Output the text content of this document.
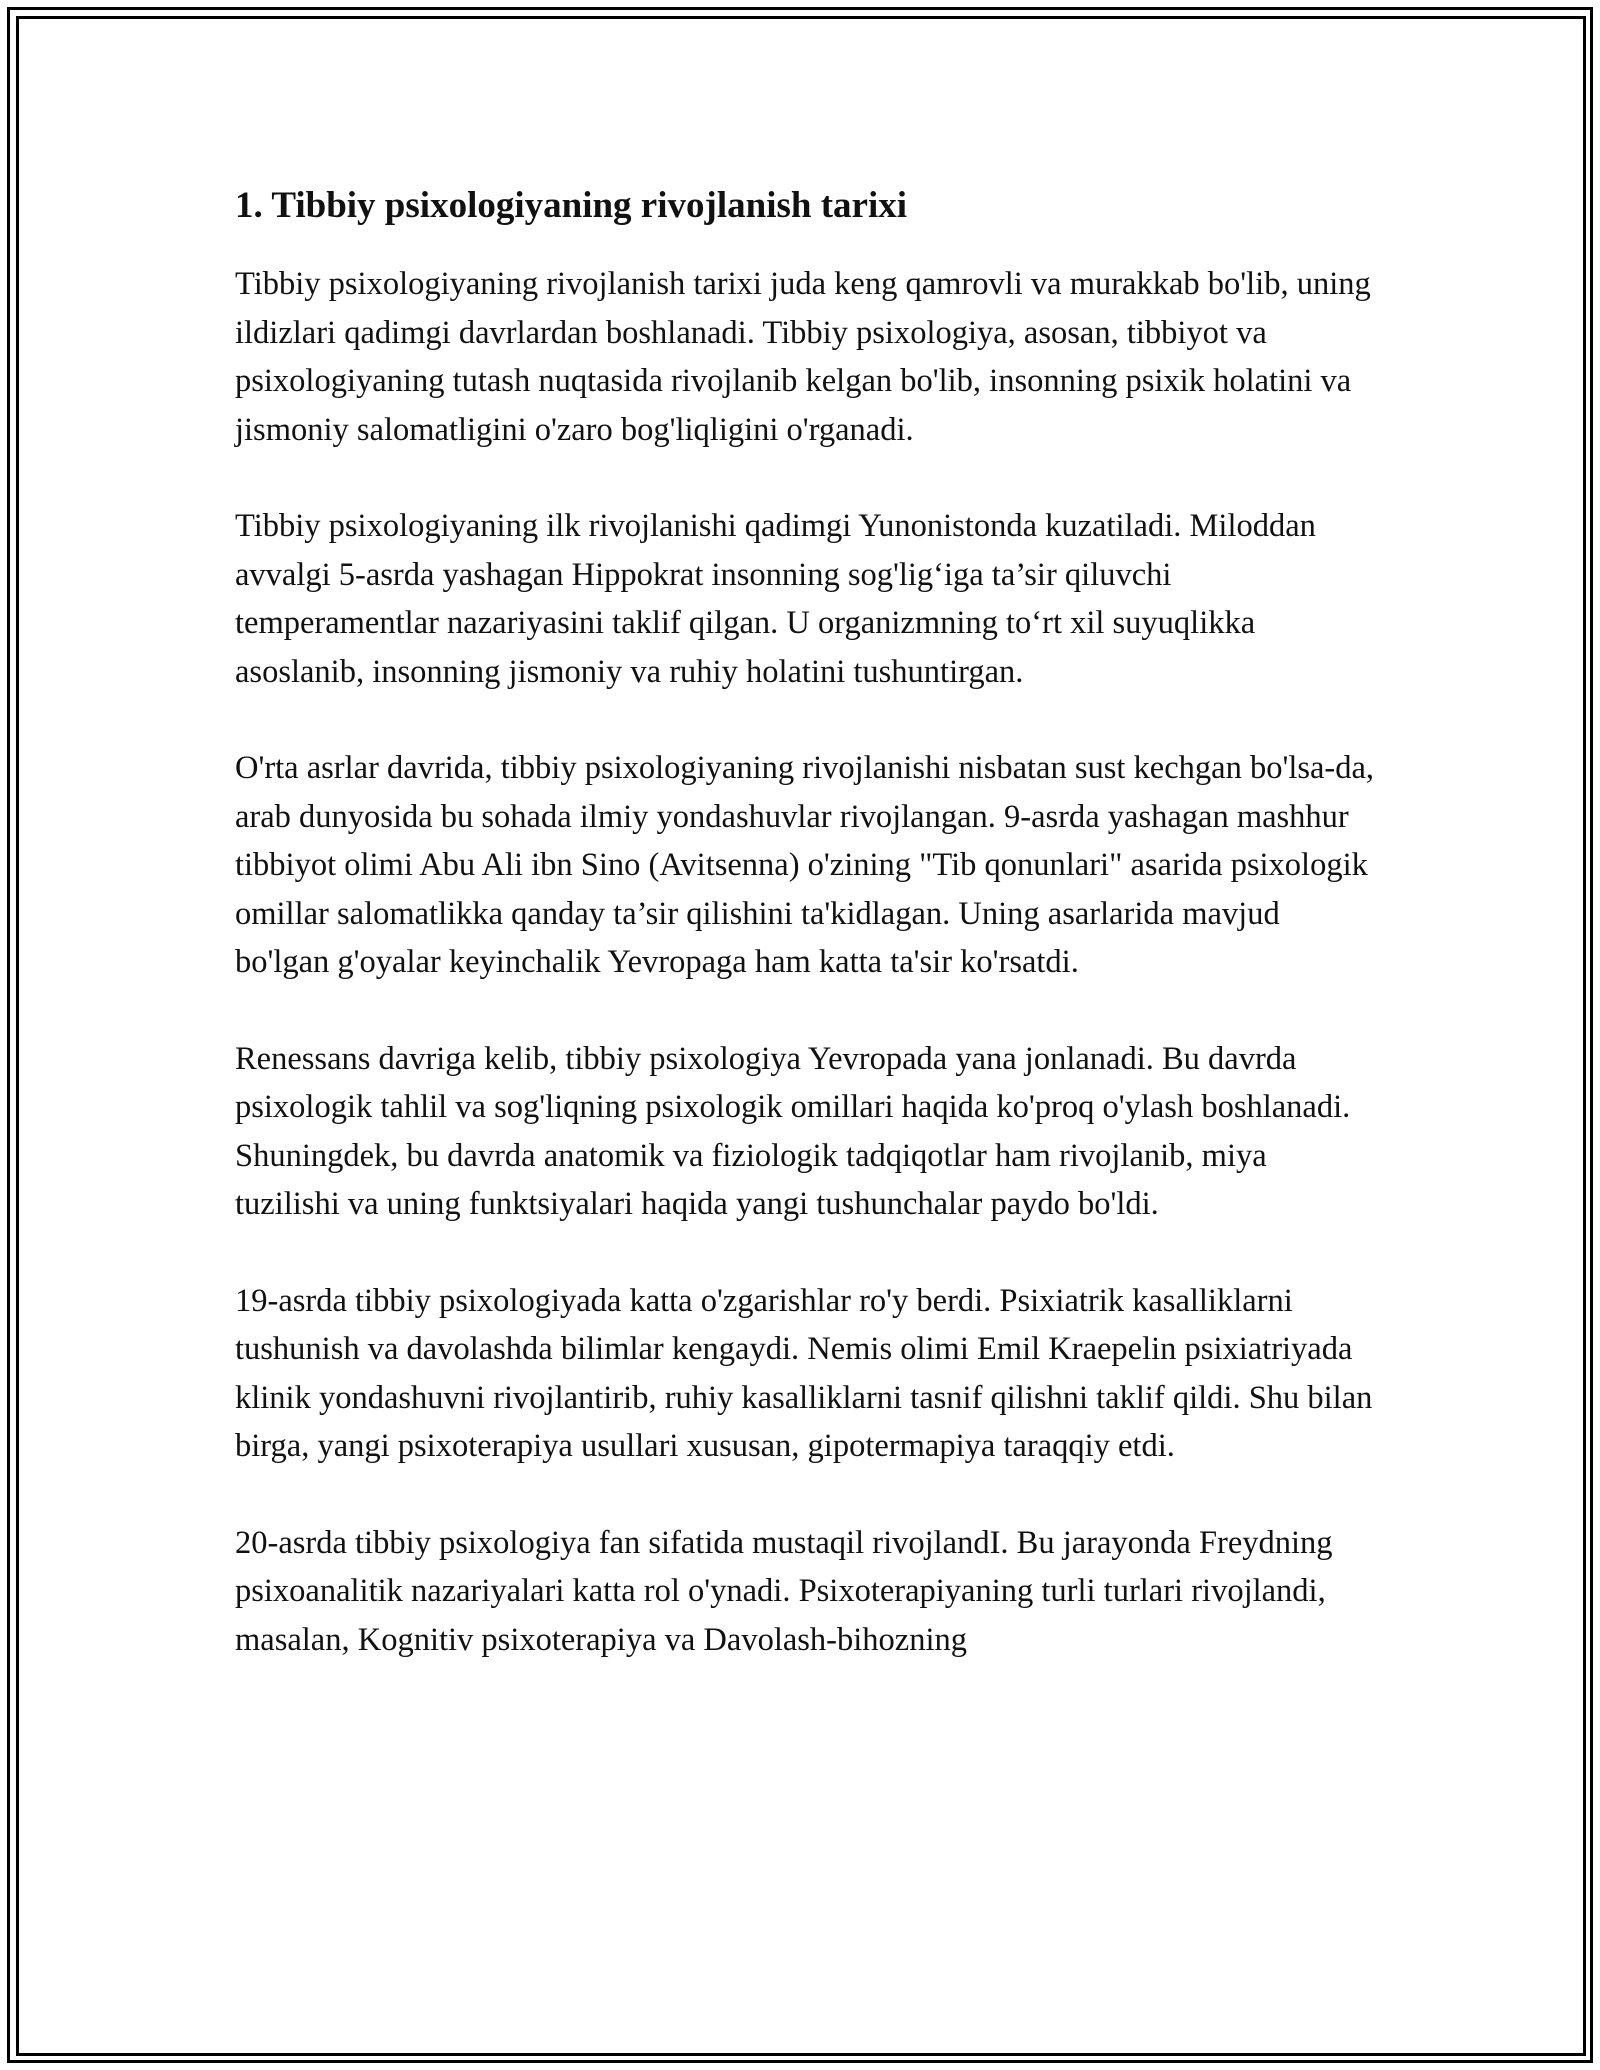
1. Tibbiy psixologiyaning rivojlanish tarixi

Tibbiy psixologiyaning rivojlanish tarixi juda keng qamrovli va murakkab bo'lib, uning ildizlari qadimgi davrlardan boshlanadi. Tibbiy psixologiya, asosan, tibbiyot va psixologiyaning tutash nuqtasida rivojlanib kelgan bo'lib, insonning psixik holatini va jismoniy salomatligini o'zaro bog'liqligini o'rganadi.

Tibbiy psixologiyaning ilk rivojlanishi qadimgi Yunonistonda kuzatiladi. Miloddan avvalgi 5-asrda yashagan Hippokrat insonning sog'lig‘iga ta’sir qiluvchi temperamentlar nazariyasini taklif qilgan. U organizmning to‘rt xil suyuqlikka asoslanib, insonning jismoniy va ruhiy holatini tushuntirgan.

O'rta asrlar davrida, tibbiy psixologiyaning rivojlanishi nisbatan sust kechgan bo'lsa-da, arab dunyosida bu sohada ilmiy yondashuvlar rivojlangan. 9-asrda yashagan mashhur tibbiyot olimi Abu Ali ibn Sino (Avitsenna) o'zining "Tib qonunlari" asarida psixologik omillar salomatlikka qanday ta’sir qilishini ta'kidlagan. Uning asarlarida mavjud bo'lgan g'oyalar keyinchalik Yevropaga ham katta ta'sir ko'rsatdi.

Renessans davriga kelib, tibbiy psixologiya Yevropada yana jonlanadi. Bu davrda psixologik tahlil va sog'liqning psixologik omillari haqida ko'proq o'ylash boshlanadi. Shuningdek, bu davrda anatomik va fiziologik tadqiqotlar ham rivojlanib, miya tuzilishi va uning funktsiyalari haqida yangi tushunchalar paydo bo'ldi.

19-asrda tibbiy psixologiyada katta o'zgarishlar ro'y berdi. Psixiatrik kasalliklarni tushunish va davolashda bilimlar kengaydi. Nemis olimi Emil Kraepelin psixiatriyada klinik yondashuvni rivojlantirib, ruhiy kasalliklarni tasnif qilishni taklif qildi. Shu bilan birga, yangi psixoterapiya usullari xususan, gipotermapiya taraqqiy etdi.

20-asrda tibbiy psixologiya fan sifatida mustaqil rivojlandI. Bu jarayonda Freydning psixoanalitik nazariyalari katta rol o'ynadi. Psixoterapiyaning turli turlari rivojlandi, masalan, Kognitiv psixoterapiya va Davolash-bihozning
